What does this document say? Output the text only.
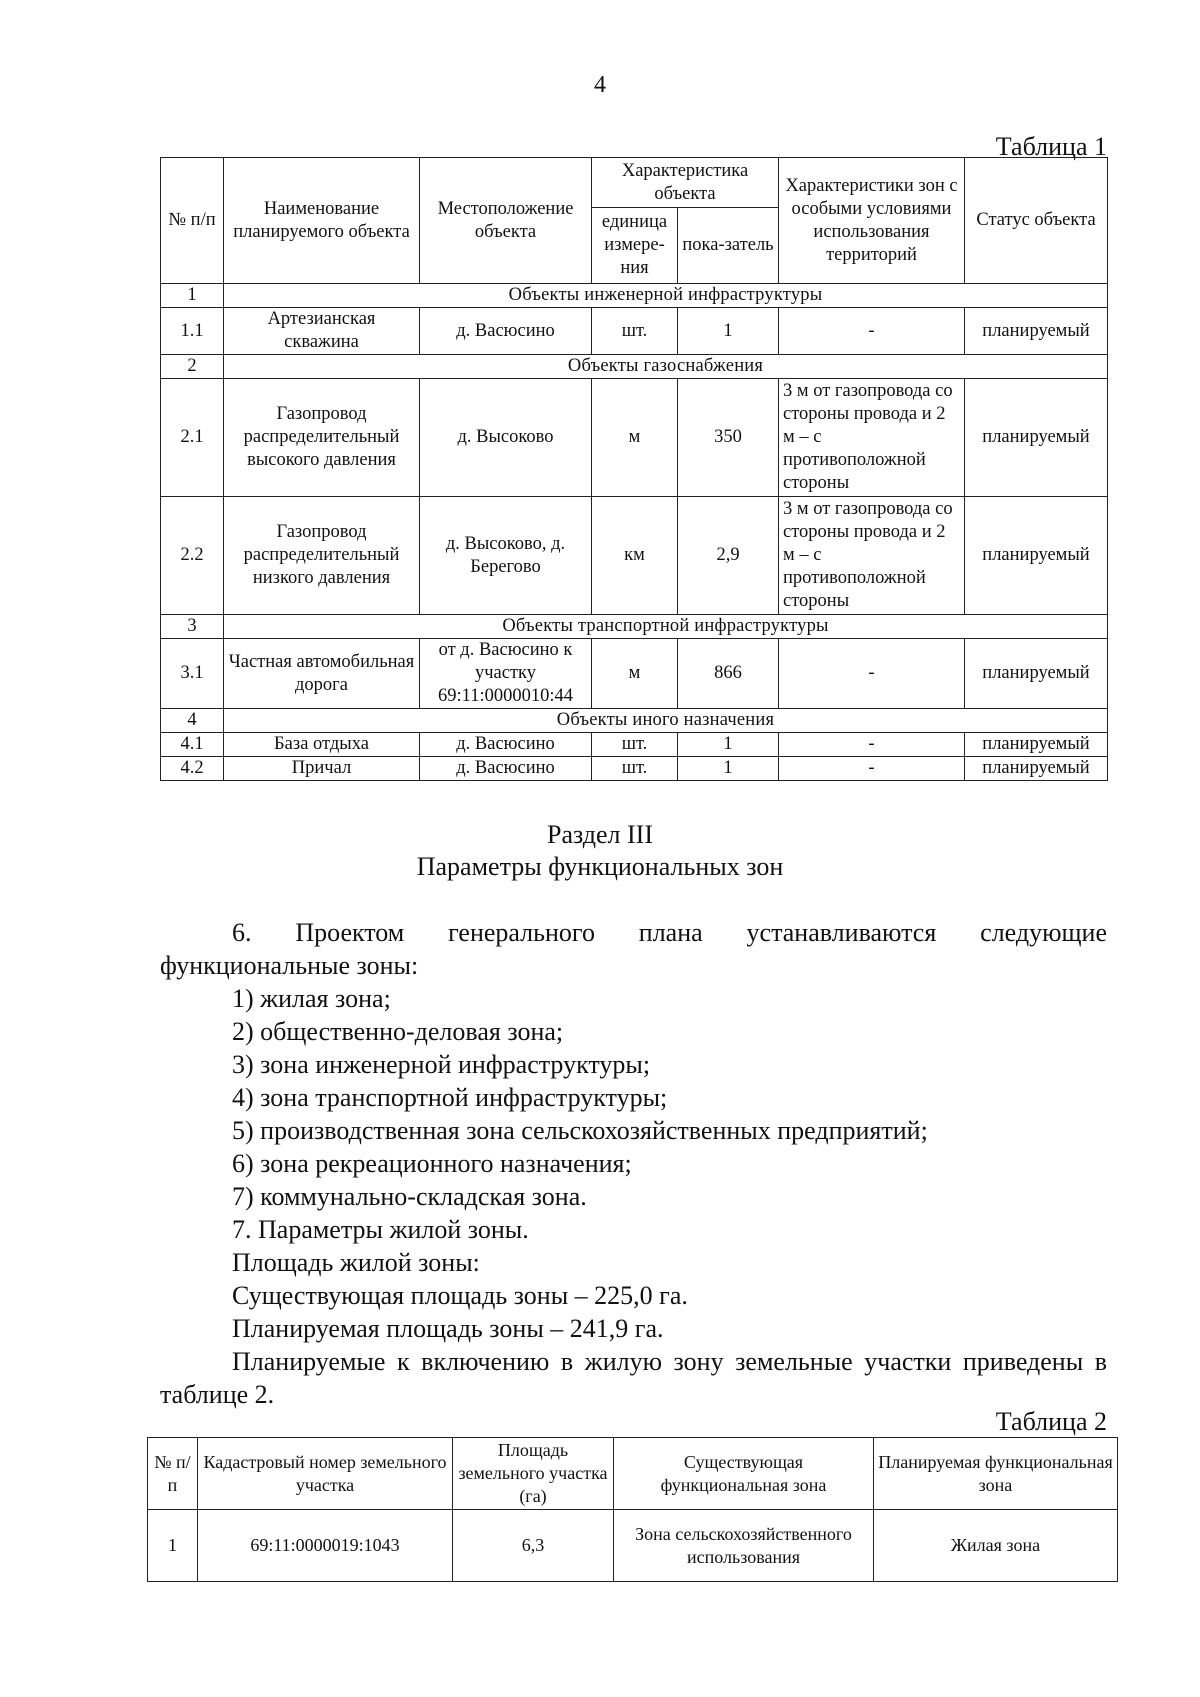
4
Таблица 1
№ п/п	Наименование планируемого объекта	Местоположение объекта	Характеристика объекта		Характеристики зон с особыми условиями использования территорий	Статус объекта
			единица измере-ния	пока-затель		
1	Объекты инженерной инфраструктуры					
1.1	Артезианская скважина	д. Васюсино	шт.	1	-	планируемый
2	Объекты газоснабжения					
2.1	Газопровод распределительный высокого давления	д. Высоково	м	350	3 м от газопровода со стороны провода и 2 м – с противоположной стороны	планируемый
2.2	Газопровод распределительный низкого давления	д. Высоково, д. Берегово	км	2,9	3 м от газопровода со стороны провода и 2 м – с противоположной стороны	планируемый
3	Объекты транспортной инфраструктуры					
3.1	Частная автомобильная дорога	от д. Васюсино к участку 69:11:0000010:44	м	866	-	планируемый
4	Объекты иного назначения					
4.1	База отдыха	д. Васюсино	шт.	1	-	планируемый
4.2	Причал	д. Васюсино	шт.	1	-	планируемый
Раздел III
Параметры функциональных зон
6. Проектом генерального плана устанавливаются следующие функциональные зоны:
1) жилая зона;
2) общественно-деловая зона;
3) зона инженерной инфраструктуры;
4) зона транспортной инфраструктуры;
5) производственная зона сельскохозяйственных предприятий;
6) зона рекреационного назначения;
7) коммунально-складская зона.
7. Параметры жилой зоны.
Площадь жилой зоны:
Существующая площадь зоны – 225,0 га.
Планируемая площадь зоны – 241,9 га.
Планируемые к включению в жилую зону земельные участки приведены в таблице 2.
Таблица 2
№ п/п	Кадастровый номер земельного участка	Площадь земельного участка (га)	Существующая функциональная зона	Планируемая функциональная зона
1	69:11:0000019:1043	6,3	Зона сельскохозяйственного использования	Жилая зона
